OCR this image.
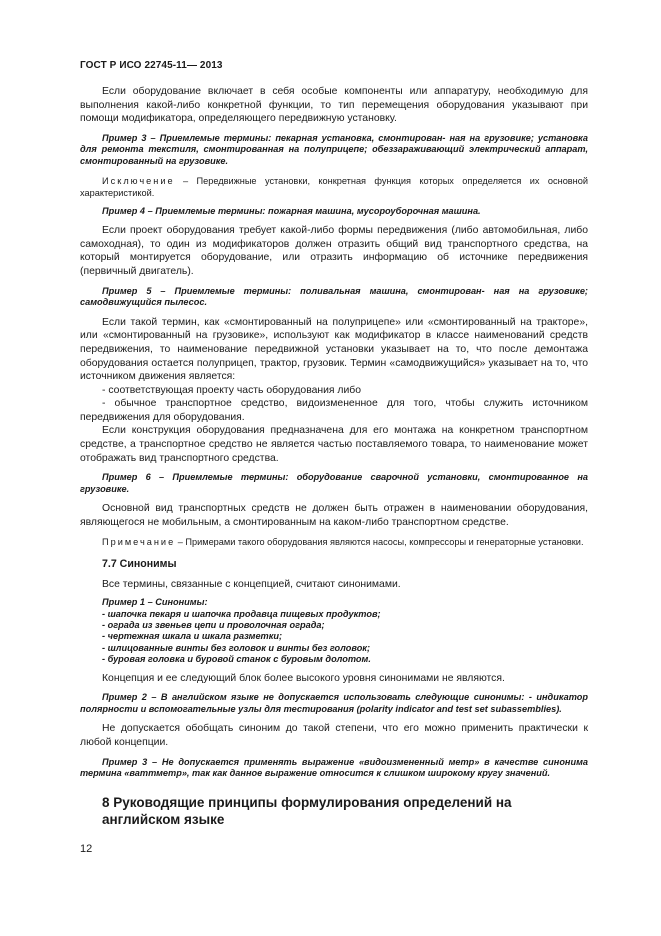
ГОСТ Р ИСО 22745-11— 2013

Если оборудование включает в себя особые компоненты или аппаратуру, необходимую для выполнения какой-либо конкретной функции, то тип перемещения оборудования указывают при помощи модификатора, определяющего передвижную установку.

Пример 3 – Приемлемые термины: пекарная установка, смонтирован- ная на грузовике; установка для ремонта текстиля, смонтированная на полуприцепе; обеззараживающий электрический аппарат, смонтированный на грузовике.

Исключение – Передвижные установки, конкретная функция которых определяется их основной характеристикой.

Пример 4 – Приемлемые термины: пожарная машина, мусороуборочная машина.

Если проект оборудования требует какой-либо формы передвижения (либо автомобильная, либо самоходная), то один из модификаторов должен отразить общий вид транспортного средства, на который монтируется оборудование, или отразить информацию об источнике передвижения (первичный двигатель).

Пример 5 – Приемлемые термины: поливальная машина, смонтирован- ная на грузовике; самодвижущийся пылесос.

Если такой термин, как «смонтированный на полуприцепе» или «смонтированный на тракторе», или «смонтированный на грузовике», используют как модификатор в классе наименований средств передвижения, то наименование передвижной установки указывает на то, что после демонтажа оборудования остается полуприцеп, трактор, грузовик. Термин «самодвижущийся» указывает на то, что источником движения является:

- соответствующая проекту часть оборудования либо

- обычное транспортное средство, видоизмененное для того, чтобы служить источником передвижения для оборудования.

Если конструкция оборудования предназначена для его монтажа на конкретном транспортном средстве, а транспортное средство не является частью поставляемого товара, то наименование может отображать вид транспортного средства.

Пример 6 – Приемлемые термины: оборудование сварочной установки, смонтированное на грузовике.

Основной вид транспортных средств не должен быть отражен в наименовании оборудования, являющегося не мобильным, а смонтированным на каком-либо транспортном средстве.

Примечание – Примерами такого оборудования являются насосы, компрессоры и генераторные установки.

7.7 Синонимы

Все термины, связанные с концепцией, считают синонимами.

Пример 1 – Синонимы:
- шапочка пекаря и шапочка продавца пищевых продуктов;
- ограда из звеньев цепи и проволочная ограда;
- чертежная шкала и шкала разметки;
- шлицованные винты без головок и винты без головок;
- буровая головка и буровой станок с буровым долотом.

Концепция и ее следующий блок более высокого уровня синонимами не являются.

Пример 2 – В английском языке не допускается использовать следующие синонимы: - индикатор полярности и вспомогательные узлы для тестирования (polarity indicator and test set subassemblies).

Не допускается обобщать синоним до такой степени, что его можно применить практически к любой концепции.

Пример 3 – Не допускается применять выражение «видоизмененный метр» в качестве синонима термина «ваттметр», так как данное выражение относится к слишком широкому кругу значений.

8 Руководящие принципы формулирования определений на английском языке
12
